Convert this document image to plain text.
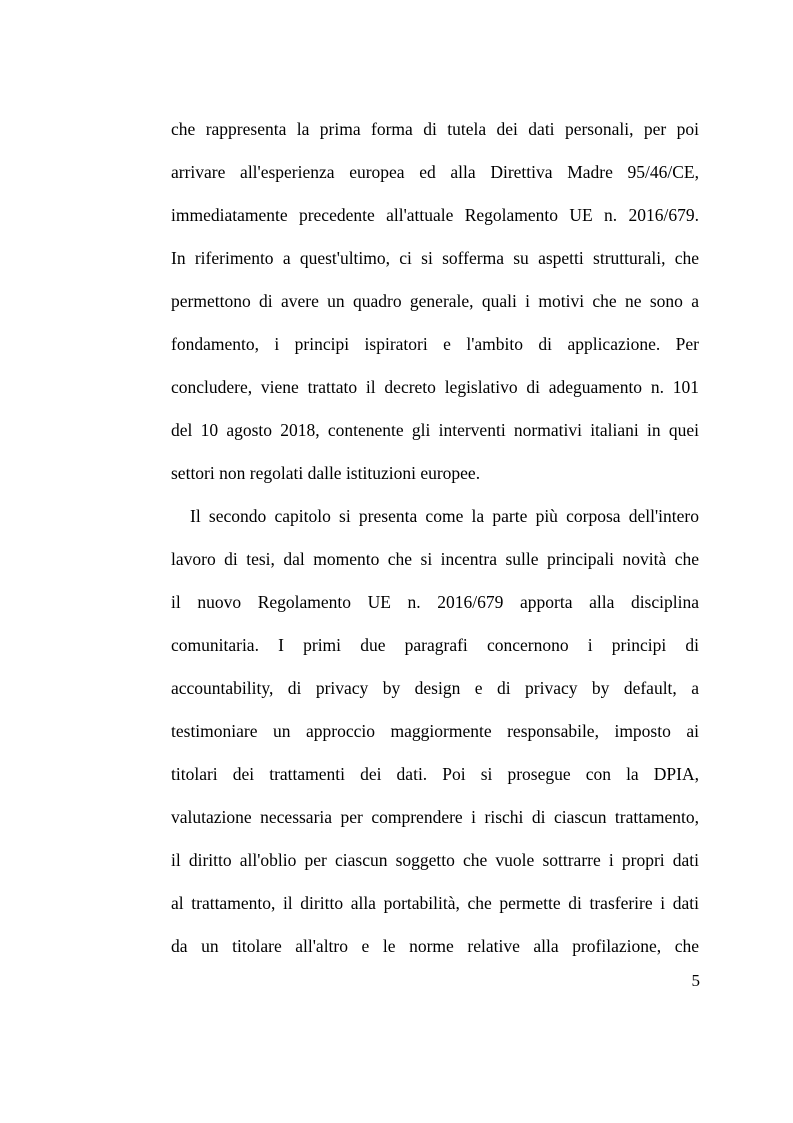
che rappresenta la prima forma di tutela dei dati personali, per poi
arrivare all'esperienza europea ed alla Direttiva Madre 95/46/CE,
immediatamente precedente all'attuale Regolamento UE n. 2016/679.
In riferimento a quest'ultimo, ci si sofferma su aspetti strutturali, che
permettono di avere un quadro generale, quali i motivi che ne sono a
fondamento, i principi ispiratori e l'ambito di applicazione. Per
concludere, viene trattato il decreto legislativo di adeguamento n. 101
del 10 agosto 2018, contenente gli interventi normativi italiani in quei
settori non regolati dalle istituzioni europee.
Il secondo capitolo si presenta come la parte più corposa dell'intero
lavoro di tesi, dal momento che si incentra sulle principali novità che
il nuovo Regolamento UE n. 2016/679 apporta alla disciplina
comunitaria. I primi due paragrafi concernono i principi di
accountability, di privacy by design e di privacy by default, a
testimoniare un approccio maggiormente responsabile, imposto ai
titolari dei trattamenti dei dati. Poi si prosegue con la DPIA,
valutazione necessaria per comprendere i rischi di ciascun trattamento,
il diritto all'oblio per ciascun soggetto che vuole sottrarre i propri dati
al trattamento, il diritto alla portabilità, che permette di trasferire i dati
da un titolare all'altro e le norme relative alla profilazione, che
5
